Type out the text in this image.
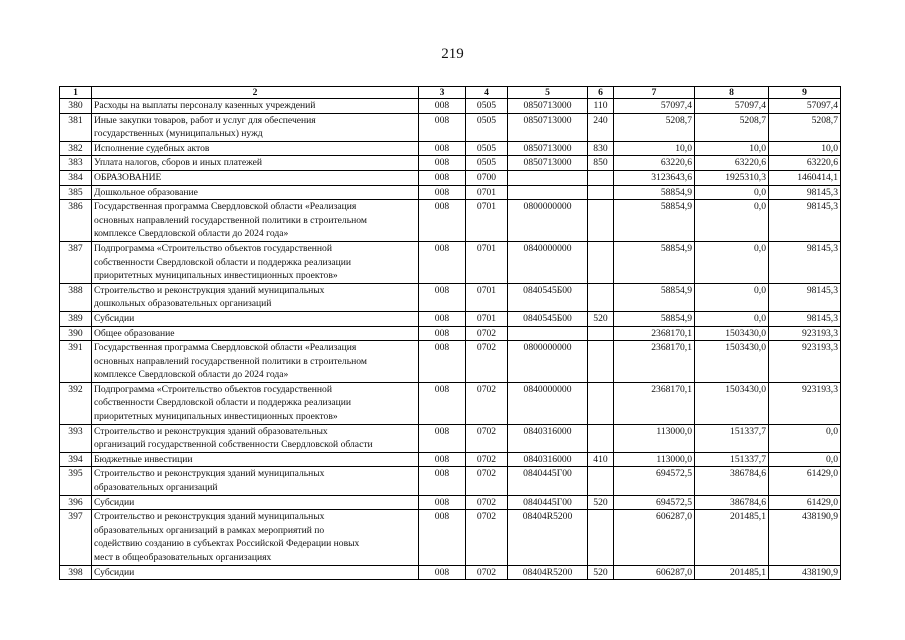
219
1	2	3	4	5	6	7	8	9
380	Расходы на выплаты персоналу казенных учреждений	008	0505	0850713000	110	57097,4	57097,4	57097,4
381	Иные закупки товаров, работ и услуг для обеспечения
государственных (муниципальных) нужд	008	0505	0850713000	240	5208,7	5208,7	5208,7
382	Исполнение судебных актов	008	0505	0850713000	830	10,0	10,0	10,0
383	Уплата налогов, сборов и иных платежей	008	0505	0850713000	850	63220,6	63220,6	63220,6
384	ОБРАЗОВАНИЕ	008	0700			3123643,6	1925310,3	1460414,1
385	Дошкольное образование	008	0701			58854,9	0,0	98145,3
386	Государственная программа Свердловской области «Реализация
основных направлений государственной политики в строительном
комплексе Свердловской области до 2024 года»	008	0701	0800000000		58854,9	0,0	98145,3
387	Подпрограмма «Строительство объектов государственной
собственности Свердловской области и поддержка реализации
приоритетных муниципальных инвестиционных проектов»	008	0701	0840000000		58854,9	0,0	98145,3
388	Строительство и реконструкция зданий муниципальных
дошкольных образовательных организаций	008	0701	0840545Б00		58854,9	0,0	98145,3
389	Субсидии	008	0701	0840545Б00	520	58854,9	0,0	98145,3
390	Общее образование	008	0702			2368170,1	1503430,0	923193,3
391	Государственная программа Свердловской области «Реализация
основных направлений государственной политики в строительном
комплексе Свердловской области до 2024 года»	008	0702	0800000000		2368170,1	1503430,0	923193,3
392	Подпрограмма «Строительство объектов государственной
собственности Свердловской области и поддержка реализации
приоритетных муниципальных инвестиционных проектов»	008	0702	0840000000		2368170,1	1503430,0	923193,3
393	Строительство и реконструкция зданий образовательных
организаций государственной собственности Свердловской области	008	0702	0840316000		113000,0	151337,7	0,0
394	Бюджетные инвестиции	008	0702	0840316000	410	113000,0	151337,7	0,0
395	Строительство и реконструкция зданий муниципальных
образовательных организаций	008	0702	0840445Г00		694572,5	386784,6	61429,0
396	Субсидии	008	0702	0840445Г00	520	694572,5	386784,6	61429,0
397	Строительство и реконструкция зданий муниципальных
образовательных организаций в рамках мероприятий по
содействию созданию в субъектах Российской Федерации новых
мест в общеобразовательных организациях	008	0702	08404R5200		606287,0	201485,1	438190,9
398	Субсидии	008	0702	08404R5200	520	606287,0	201485,1	438190,9
